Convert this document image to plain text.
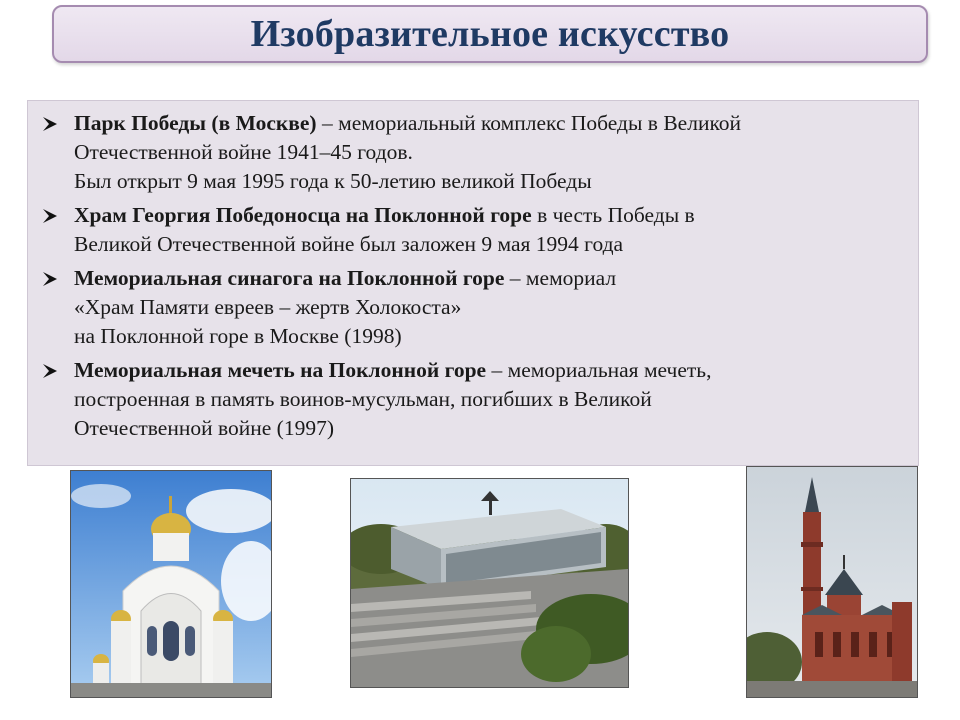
Изобразительное искусство
Парк Победы (в Москве) – мемориальный комплекс Победы в Великой
Отечественной войне 1941–45 годов.
Был открыт 9 мая 1995 года к 50-летию великой Победы
Храм Георгия Победоносца на Поклонной горе в честь Победы в
Великой Отечественной войне был заложен 9 мая 1994 года
Мемориальная синагога на Поклонной горе – мемориал
«Храм Памяти евреев – жертв Холокоста»
на Поклонной горе в Москве (1998)
Мемориальная мечеть на Поклонной горе – мемориальная мечеть,
построенная в память воинов-мусульман, погибших в Великой
Отечественной войне (1997)
